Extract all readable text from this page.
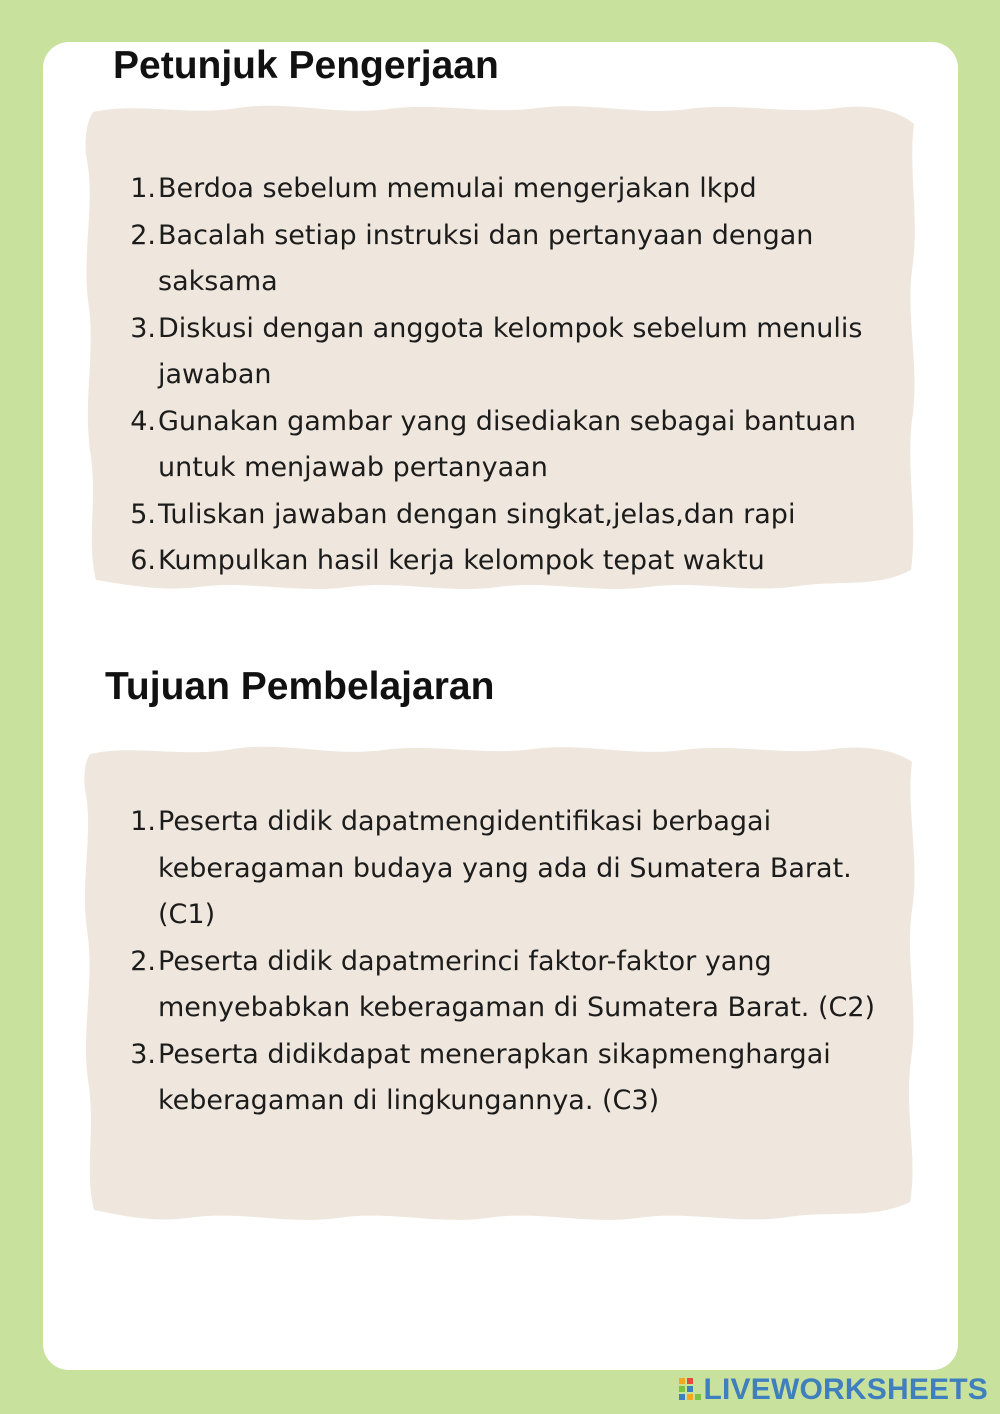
Petunjuk Pengerjaan
1. Berdoa sebelum memulai mengerjakan lkpd
2. Bacalah setiap instruksi dan pertanyaan dengan saksama
3. Diskusi dengan anggota kelompok sebelum menulis jawaban
4. Gunakan gambar yang disediakan sebagai bantuan untuk menjawab pertanyaan
5. Tuliskan jawaban dengan singkat,jelas,dan rapi
6. Kumpulkan hasil kerja kelompok tepat waktu
Tujuan Pembelajaran
1. Peserta didik dapatmengidentifikasi berbagai keberagaman budaya yang ada di Sumatera Barat. (C1)
2. Peserta didik dapatmerinci faktor-faktor yang menyebabkan keberagaman di Sumatera Barat. (C2)
3. Peserta didikdapat menerapkan sikapmenghargai keberagaman di lingkungannya. (C3)
LIVEWORKSHEETS
